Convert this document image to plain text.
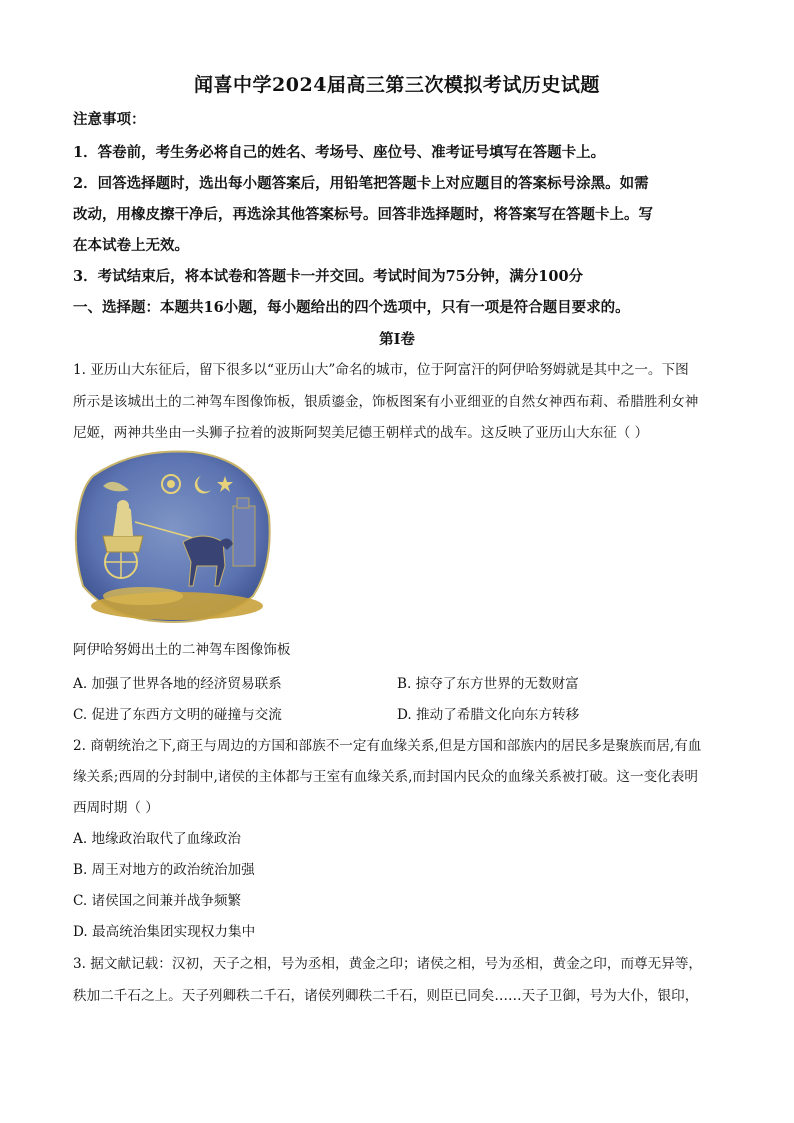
闻喜中学2024届高三第三次模拟考试历史试题
注意事项：
1．答卷前，考生务必将自己的姓名、考场号、座位号、准考证号填写在答题卡上。
2．回答选择题时，选出每小题答案后，用铅笔把答题卡上对应题目的答案标号涂黑。如需
改动，用橡皮擦干净后，再选涂其他答案标号。回答非选择题时，将答案写在答题卡上。写
在本试卷上无效。
3．考试结束后，将本试卷和答题卡一并交回。考试时间为75分钟，满分100分
一、选择题：本题共16小题，每小题给出的四个选项中，只有一项是符合题目要求的。
第Ⅰ卷
1. 亚历山大东征后，留下很多以“亚历山大”命名的城市，位于阿富汗的阿伊哈努姆就是其中之一。下图
所示是该城出土的二神驾车图像饰板，银质鎏金，饰板图案有小亚细亚的自然女神西布莉、希腊胜利女神
尼姬，两神共坐由一头狮子拉着的波斯阿契美尼德王朝样式的战车。这反映了亚历山大东征（ ）
阿伊哈努姆出土的二神驾车图像饰板
A. 加强了世界各地的经济贸易联系	B. 掠夺了东方世界的无数财富
C. 促进了东西方文明的碰撞与交流	D. 推动了希腊文化向东方转移
2. 商朝统治之下,商王与周边的方国和部族不一定有血缘关系,但是方国和部族内的居民多是聚族而居,有血
缘关系;西周的分封制中,诸侯的主体都与王室有血缘关系,而封国内民众的血缘关系被打破。这一变化表明
西周时期（ ）
A. 地缘政治取代了血缘政治
B. 周王对地方的政治统治加强
C. 诸侯国之间兼并战争频繁
D. 最高统治集团实现权力集中
3. 据文献记载：汉初，天子之相，号为丞相，黄金之印；诸侯之相，号为丞相，黄金之印，而尊无异等，
秩加二千石之上。天子列卿秩二千石，诸侯列卿秩二千石，则臣已同矣……天子卫御，号为大仆，银印，
